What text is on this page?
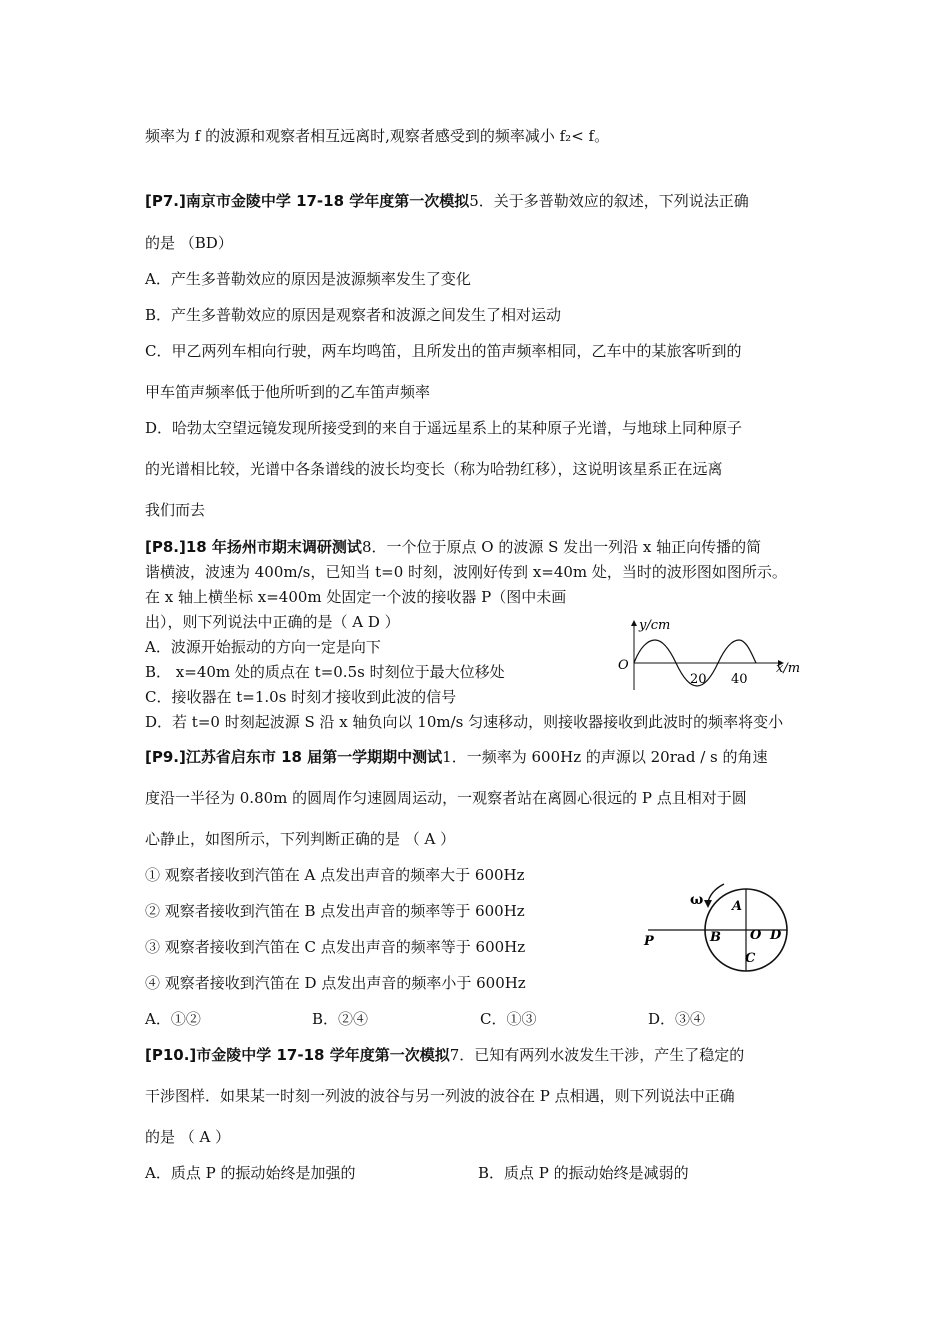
频率为 f 的波源和观察者相互远离时,观察者感受到的频率减小 f₂< f。
[P7.]南京市金陵中学 17-18 学年度第一次模拟5．关于多普勒效应的叙述，下列说法正确
的是 （BD）
A．产生多普勒效应的原因是波源频率发生了变化
B．产生多普勒效应的原因是观察者和波源之间发生了相对运动
C．甲乙两列车相向行驶，两车均鸣笛，且所发出的笛声频率相同，乙车中的某旅客听到的
甲车笛声频率低于他所听到的乙车笛声频率
D．哈勃太空望远镜发现所接受到的来自于遥远星系上的某种原子光谱，与地球上同种原子
的光谱相比较，光谱中各条谱线的波长均变长（称为哈勃红移），这说明该星系正在远离
我们而去
[P8.]18 年扬州市期末调研测试8．一个位于原点 O 的波源 S 发出一列沿 x 轴正向传播的简
谐横波，波速为 400m/s，已知当 t=0 时刻，波刚好传到 x=40m 处，当时的波形图如图所示。
在 x 轴上横坐标 x=400m 处固定一个波的接收器 P（图中未画
出），则下列说法中正确的是（ A D ）
A．波源开始振动的方向一定是向下
B． x=40m 处的质点在 t=0.5s 时刻位于最大位移处
C．接收器在 t=1.0s 时刻才接收到此波的信号
D．若 t=0 时刻起波源 S 沿 x 轴负向以 10m/s 匀速移动，则接收器接收到此波时的频率将变小
y/cm
x/m
O
20 40
[P9.]江苏省启东市 18 届第一学期期中测试1．一频率为 600Hz 的声源以 20rad / s 的角速
度沿一半径为 0.80m 的圆周作匀速圆周运动，一观察者站在离圆心很远的 P 点且相对于圆
心静止，如图所示，下列判断正确的是 （ A ）
① 观察者接收到汽笛在 A 点发出声音的频率大于 600Hz
② 观察者接收到汽笛在 B 点发出声音的频率等于 600Hz
③ 观察者接收到汽笛在 C 点发出声音的频率等于 600Hz
④ 观察者接收到汽笛在 D 点发出声音的频率小于 600Hz
A．①②	B．②④	C．①③	D．③④
ω A
B O D
C
P
[P10.]市金陵中学 17-18 学年度第一次模拟7．已知有两列水波发生干涉，产生了稳定的
干涉图样．如果某一时刻一列波的波谷与另一列波的波谷在 P 点相遇，则下列说法中正确
的是 （ A ）
A．质点 P 的振动始终是加强的	B．质点 P 的振动始终是减弱的
